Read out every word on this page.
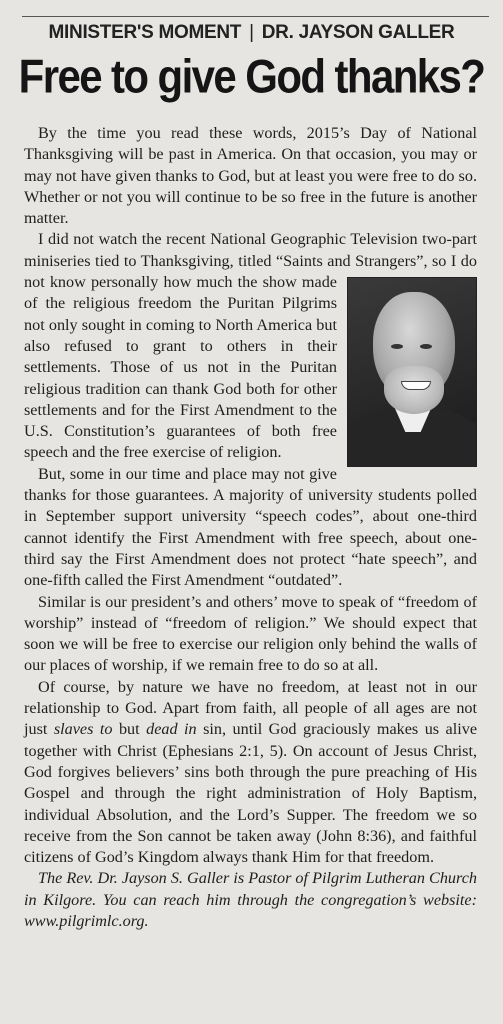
MINISTER'S MOMENT | DR. JAYSON GALLER
Free to give God thanks?

By the time you read these words, 2015’s Day of National Thanksgiving will be past in America. On that occasion, you may or may not have given thanks to God, but at least you were free to do so. Whether or not you will continue to be so free in the future is another matter.

I did not watch the recent National Geographic Television two-part miniseries tied to Thanksgiving, titled “Saints and Strangers”, so I do not know personally how much the show
made of the religious freedom the Puritan Pilgrims not only sought in coming to North America but also refused to grant to others in their settlements. Those of us not in the Puritan religious tradition can thank God both for other settlements and for the First Amendment to the U.S. Constitution’s guarantees of both free speech and the free exercise of religion.

But, some in our time and place may not give thanks for those guarantees. A majority of university students polled in September support university “speech codes”, about one-third cannot identify the First Amendment with free speech, about one-third say the First Amendment does not protect “hate speech”, and one-fifth called the First Amendment “outdated”.

Similar is our president’s and others’ move to speak of “freedom of worship” instead of “freedom of religion.” We should expect that soon we will be free to exercise our religion only behind the walls of our places of worship, if we remain free to do so at all.

Of course, by nature we have no freedom, at least not in our relationship to God. Apart from faith, all people of all ages are not just slaves to but dead in sin, until God graciously makes us alive together with Christ (Ephesians 2:1, 5). On account of Jesus Christ, God forgives believers’ sins both through the pure preaching of His Gospel and through the right administration of Holy Baptism, individual Absolution, and the Lord’s Supper. The freedom we so receive from the Son cannot be taken away (John 8:36), and faithful citizens of God’s Kingdom always thank Him for that freedom.

The Rev. Dr. Jayson S. Galler is Pastor of Pilgrim Lutheran Church in Kilgore. You can reach him through the congregation’s website: www.pilgrimlc.org.
